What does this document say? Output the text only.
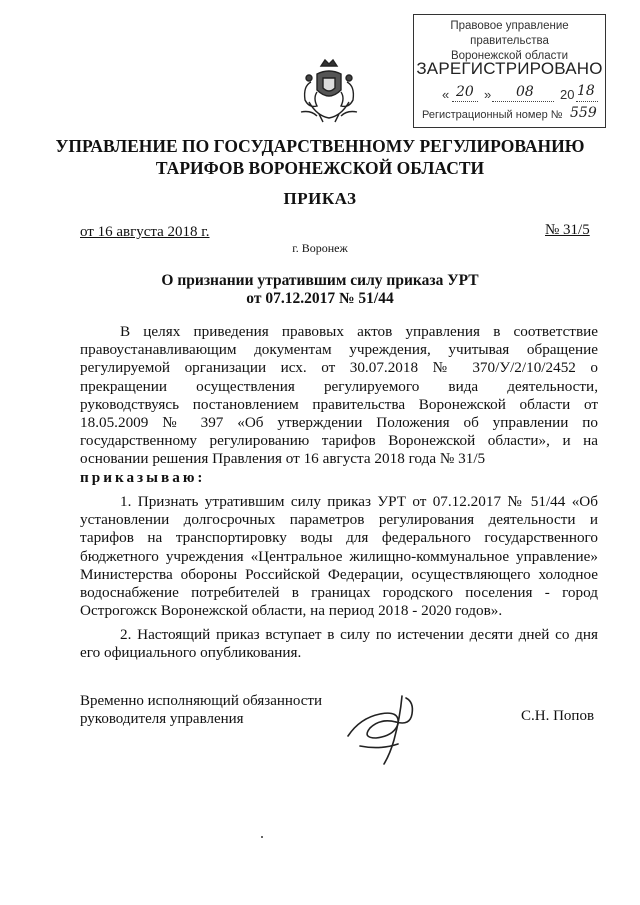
Правовое управление правительства
Воронежской области
ЗАРЕГИСТРИРОВАНО
« 20 » 08 20 18
Регистрационный номер № 559
УПРАВЛЕНИЕ ПО ГОСУДАРСТВЕННОМУ РЕГУЛИРОВАНИЮ
ТАРИФОВ ВОРОНЕЖСКОЙ ОБЛАСТИ
ПРИКАЗ
от 16 августа 2018 г.	№ 31/5
г. Воронеж
О признании утратившим силу приказа УРТ
от 07.12.2017 № 51/44
В целях приведения правовых актов управления в соответствие правоустанавливающим документам учреждения, учитывая обращение регулируемой организации исх. от 30.07.2018 № 370/У/2/10/2452 о прекращении осуществления регулируемого вида деятельности, руководствуясь постановлением правительства Воронежской области от 18.05.2009 № 397 «Об утверждении Положения об управлении по государственному регулированию тарифов Воронежской области», и на основании решения Правления от 16 августа 2018 года № 31/5
приказываю:
1. Признать утратившим силу приказ УРТ от 07.12.2017 № 51/44 «Об установлении долгосрочных параметров регулирования деятельности и тарифов на транспортировку воды для федерального государственного бюджетного учреждения «Центральное жилищно-коммунальное управление» Министерства обороны Российской Федерации, осуществляющего холодное водоснабжение потребителей в границах городского поселения - город Острогожск Воронежской области, на период 2018 - 2020 годов».
2. Настоящий приказ вступает в силу по истечении десяти дней со дня его официального опубликования.
Временно исполняющий обязанности
руководителя управления	С.Н. Попов
